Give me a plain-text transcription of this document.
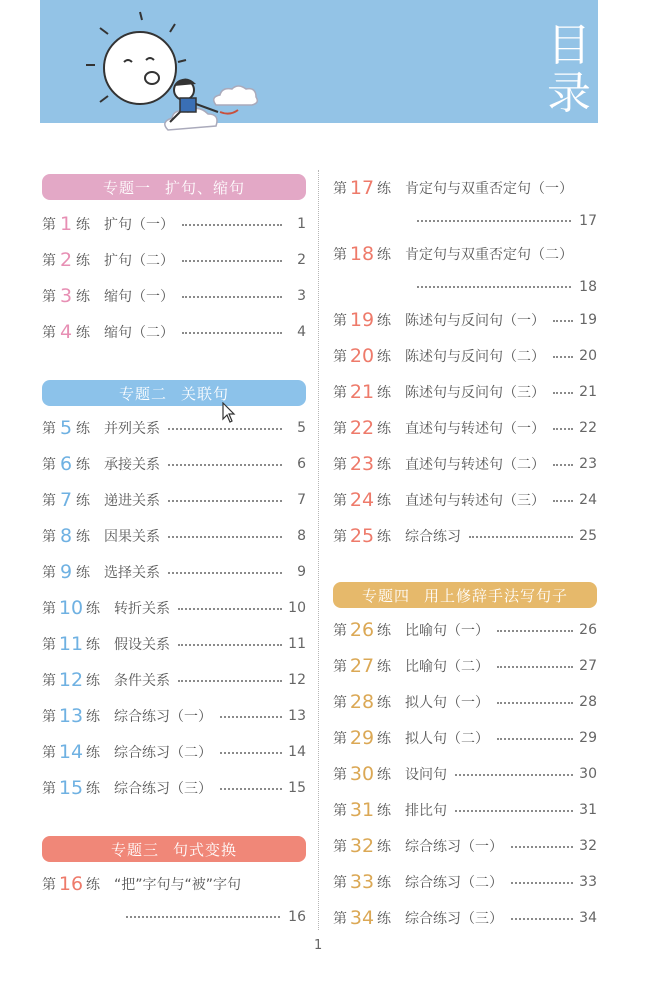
目
录
专题一 扩句、缩句
第 1 练 扩句（一）	1
第 2 练 扩句（二）	2
第 3 练 缩句（一）	3
第 4 练 缩句（二）	4
专题二 关联句
第 5 练 并列关系	5
第 6 练 承接关系	6
第 7 练 递进关系	7
第 8 练 因果关系	8
第 9 练 选择关系	9
第 10 练 转折关系	10
第 11 练 假设关系	11
第 12 练 条件关系	12
第 13 练 综合练习（一）	13
第 14 练 综合练习（二）	14
第 15 练 综合练习（三）	15
专题三 句式变换
第 16 练 “把”字句与“被”字句
16
第 17 练 肯定句与双重否定句（一）
17
第 18 练 肯定句与双重否定句（二）
18
第 19 练 陈述句与反问句（一） 19
第 20 练 陈述句与反问句（二） 20
第 21 练 陈述句与反问句（三） 21
第 22 练 直述句与转述句（一） 22
第 23 练 直述句与转述句（二） 23
第 24 练 直述句与转述句（三） 24
第 25 练 综合练习	25
专题四 用上修辞手法写句子
第 26 练 比喻句（一）	26
第 27 练 比喻句（二）	27
第 28 练 拟人句（一）	28
第 29 练 拟人句（二）	29
第 30 练 设问句	30
第 31 练 排比句	31
第 32 练 综合练习（一）	32
第 33 练 综合练习（二）	33
第 34 练 综合练习（三）	34
1
